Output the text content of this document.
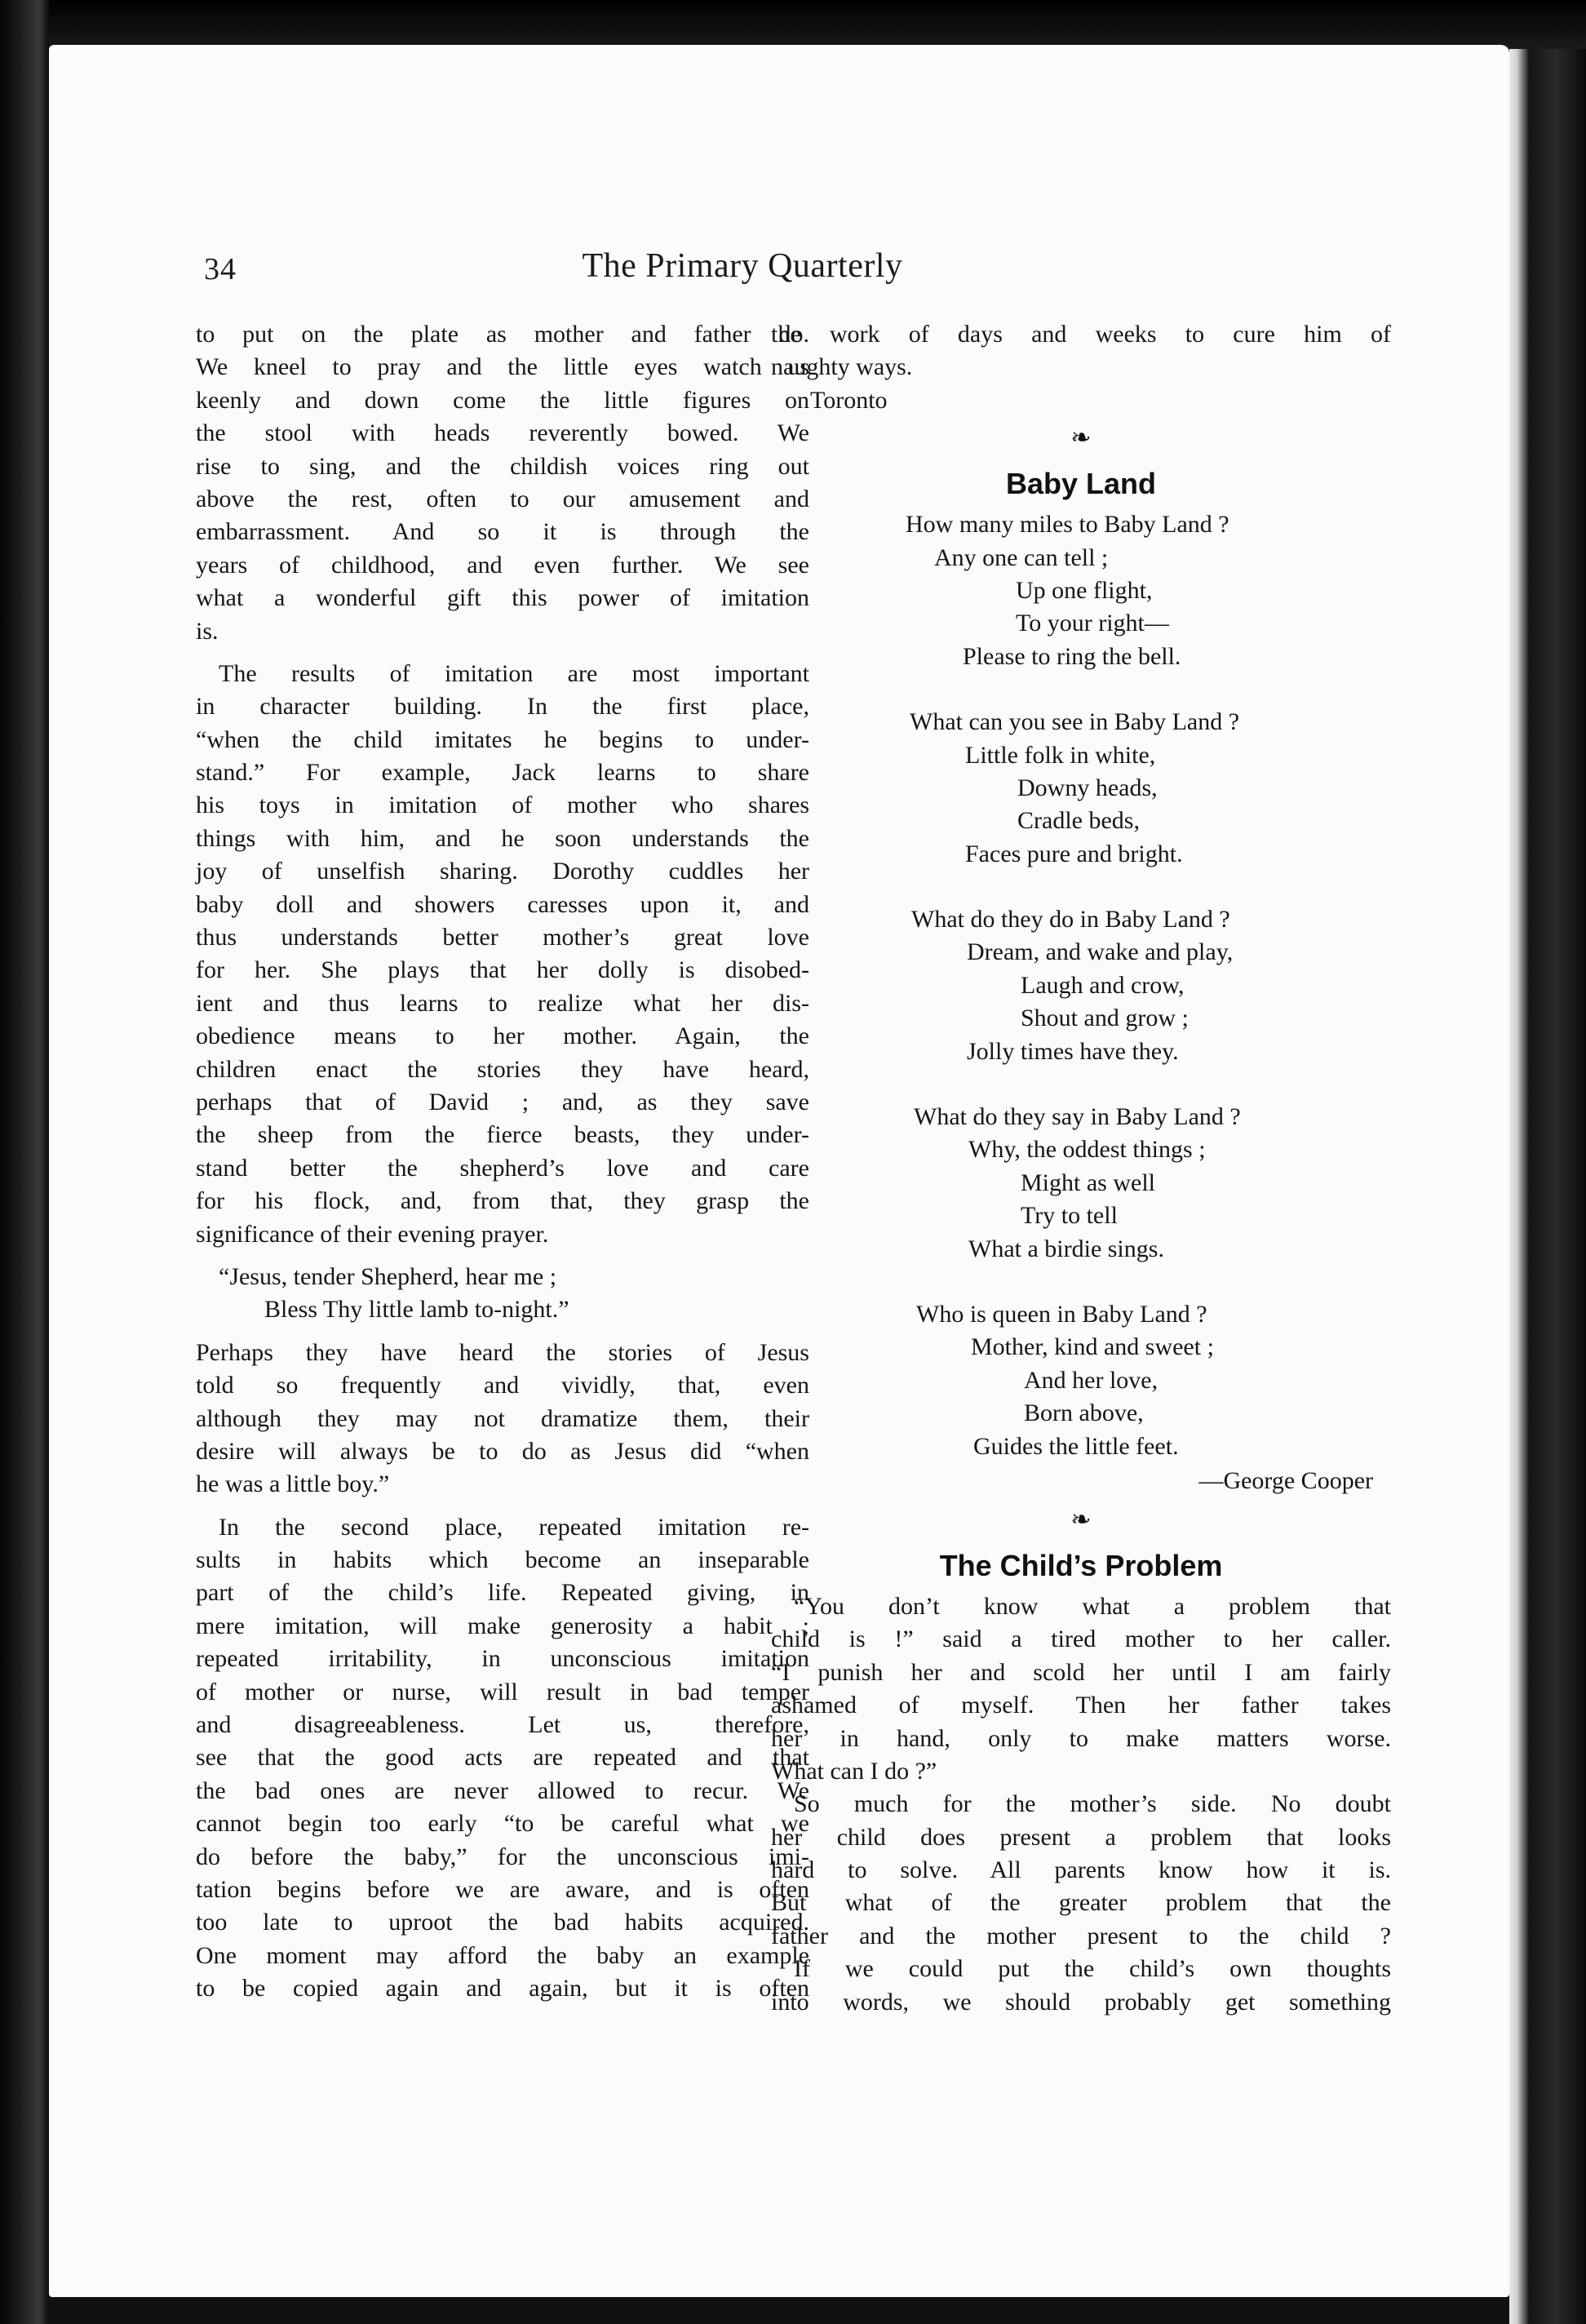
34	The Primary Quarterly
to put on the plate as mother and father do.
We kneel to pray and the little eyes watch us
keenly and down come the little figures on
the stool with heads reverently bowed. We
rise to sing, and the childish voices ring out
above the rest, often to our amusement and
embarrassment. And so it is through the
years of childhood, and even further. We see
what a wonderful gift this power of imitation
is.
The results of imitation are most important
in character building. In the first place,
“when the child imitates he begins to under-
stand.” For example, Jack learns to share
his toys in imitation of mother who shares
things with him, and he soon understands the
joy of unselfish sharing. Dorothy cuddles her
baby doll and showers caresses upon it, and
thus understands better mother’s great love
for her. She plays that her dolly is disobed-
ient and thus learns to realize what her dis-
obedience means to her mother. Again, the
children enact the stories they have heard,
perhaps that of David ; and, as they save
the sheep from the fierce beasts, they under-
stand better the shepherd’s love and care
for his flock, and, from that, they grasp the
significance of their evening prayer.
“Jesus, tender Shepherd, hear me ;
Bless Thy little lamb to-night.”
Perhaps they have heard the stories of Jesus
told so frequently and vividly, that, even
although they may not dramatize them, their
desire will always be to do as Jesus did “when
he was a little boy.”
In the second place, repeated imitation re-
sults in habits which become an inseparable
part of the child’s life. Repeated giving, in
mere imitation, will make generosity a habit ;
repeated irritability, in unconscious imitation
of mother or nurse, will result in bad temper
and disagreeableness. Let us, therefore,
see that the good acts are repeated and that
the bad ones are never allowed to recur. We
cannot begin too early “to be careful what we
do before the baby,” for the unconscious imi-
tation begins before we are aware, and is often
too late to uproot the bad habits acquired.
One moment may afford the baby an example
to be copied again and again, but it is often
the work of days and weeks to cure him of
naughty ways.
Toronto
❧
Baby Land
How many miles to Baby Land ?
Any one can tell ;
Up one flight,
To your right—
Please to ring the bell.
What can you see in Baby Land ?
Little folk in white,
Downy heads,
Cradle beds,
Faces pure and bright.
What do they do in Baby Land ?
Dream, and wake and play,
Laugh and crow,
Shout and grow ;
Jolly times have they.
What do they say in Baby Land ?
Why, the oddest things ;
Might as well
Try to tell
What a birdie sings.
Who is queen in Baby Land ?
Mother, kind and sweet ;
And her love,
Born above,
Guides the little feet.
—George Cooper
❧
The Child’s Problem
“You don’t know what a problem that
child is !” said a tired mother to her caller.
“I punish her and scold her until I am fairly
ashamed of myself. Then her father takes
her in hand, only to make matters worse.
What can I do ?”
So much for the mother’s side. No doubt
her child does present a problem that looks
hard to solve. All parents know how it is.
But what of the greater problem that the
father and the mother present to the child ?
If we could put the child’s own thoughts
into words, we should probably get something
